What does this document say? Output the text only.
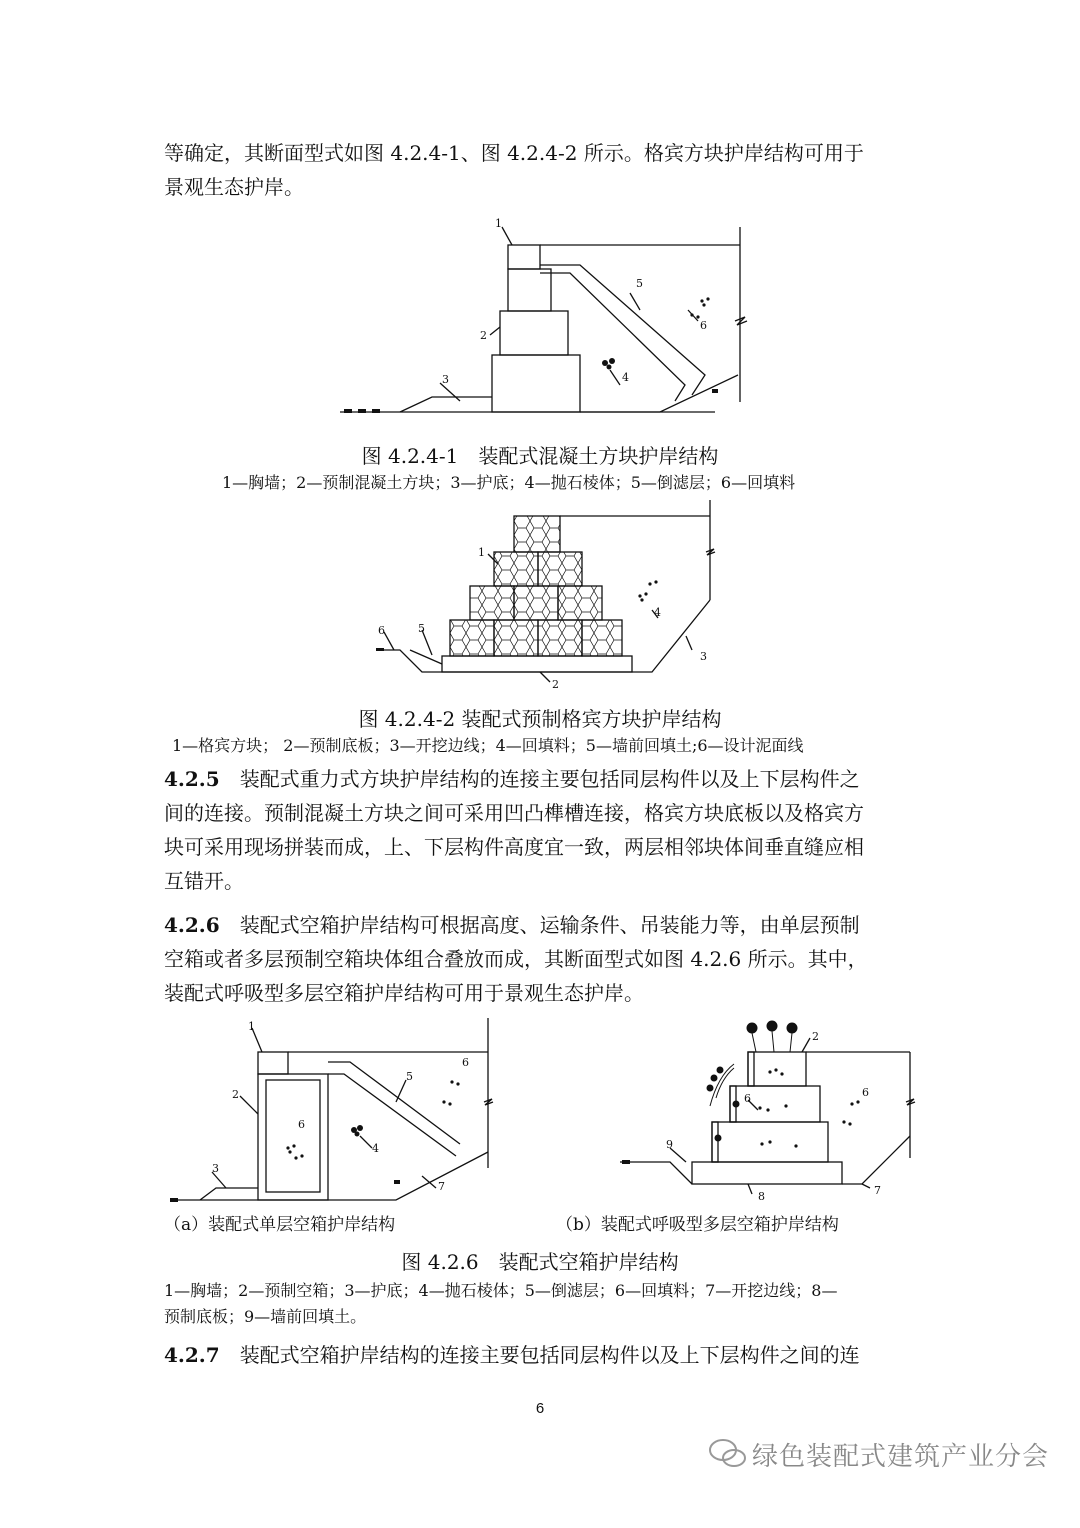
等确定，其断面型式如图 4.2.4-1、图 4.2.4-2 所示。格宾方块护岸结构可用于
景观生态护岸。
1
2
3	4
5
6
图 4.2.4-1　装配式混凝土方块护岸结构
1—胸墙；2—预制混凝土方块；3—护底；4—抛石棱体；5—倒滤层；6—回填料
1
2
3
4
5
6
图 4.2.4-2 装配式预制格宾方块护岸结构
1—格宾方块； 2—预制底板；3—开挖边线；4—回填料；5—墙前回填土;6—设计泥面线
4.2.5　 装配式重力式方块护岸结构的连接主要包括同层构件以及上下层构件之
间的连接。预制混凝土方块之间可采用凹凸榫槽连接，格宾方块底板以及格宾方
块可采用现场拼装而成，上、下层构件高度宜一致，两层相邻块体间垂直缝应相
互错开。
4.2.6　 装配式空箱护岸结构可根据高度、运输条件、吊装能力等，由单层预制
空箱或者多层预制空箱块体组合叠放而成，其断面型式如图 4.2.6 所示。其中，
装配式呼吸型多层空箱护岸结构可用于景观生态护岸。
1
2
3
4
5
6
6
7
2
6	6
7
8
9
（a）装配式单层空箱护岸结构	（b）装配式呼吸型多层空箱护岸结构
图 4.2.6　装配式空箱护岸结构
1—胸墙；2—预制空箱；3—护底；4—抛石棱体；5—倒滤层；6—回填料；7—开挖边线；8—
预制底板；9—墙前回填土。
4.2.7　 装配式空箱护岸结构的连接主要包括同层构件以及上下层构件之间的连
6
绿色装配式建筑产业分会
